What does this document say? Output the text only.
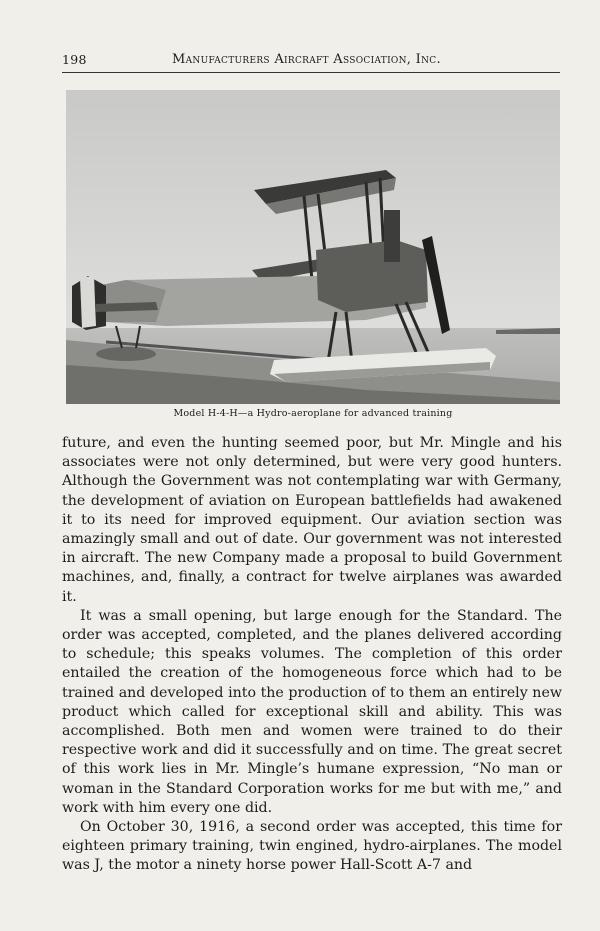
198	Manufacturers Aircraft Association, Inc.
Model H-4-H—a Hydro-aeroplane for advanced training

future, and even the hunting seemed poor, but Mr. Mingle and his associates were not only determined, but were very good hunters. Although the Government was not contemplating war with Germany, the development of aviation on European battlefields had awakened it to its need for improved equipment. Our aviation section was amazingly small and out of date. Our government was not interested in aircraft. The new Company made a proposal to build Government machines, and, finally, a contract for twelve airplanes was awarded it.

It was a small opening, but large enough for the Standard. The order was accepted, completed, and the planes delivered according to schedule; this speaks volumes. The completion of this order entailed the creation of the homogeneous force which had to be trained and developed into the production of to them an entirely new product which called for exceptional skill and ability. This was accomplished. Both men and women were trained to do their respective work and did it successfully and on time. The great secret of this work lies in Mr. Mingle’s humane expression, “No man or woman in the Standard Corporation works for me but with me,” and work with him every one did.

On October 30, 1916, a second order was accepted, this time for eighteen primary training, twin engined, hydro-airplanes. The model was J, the motor a ninety horse power Hall-Scott A-7 and
